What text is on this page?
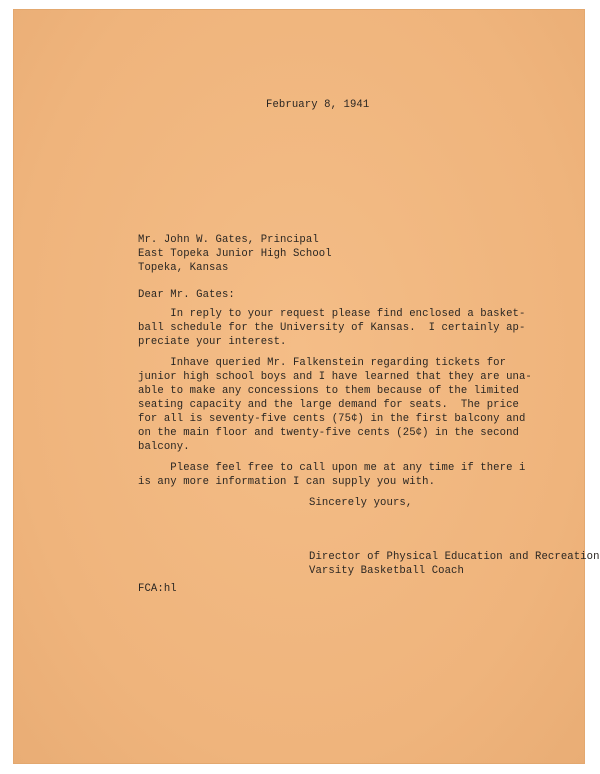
February 8, 1941
Mr. John W. Gates, Principal
East Topeka Junior High School
Topeka, Kansas
Dear Mr. Gates:
In reply to your request please find enclosed a basket-
ball schedule for the University of Kansas.  I certainly ap-
preciate your interest.
Inhave queried Mr. Falkenstein regarding tickets for
junior high school boys and I have learned that they are una-
able to make any concessions to them because of the limited
seating capacity and the large demand for seats.  The price
for all is seventy-five cents (75¢) in the first balcony and
on the main floor and twenty-five cents (25¢) in the second
balcony.
Please feel free to call upon me at any time if there i
is any more information I can supply you with.
Sincerely yours,
Director of Physical Education and Recreation
Varsity Basketball Coach
FCA:hl
